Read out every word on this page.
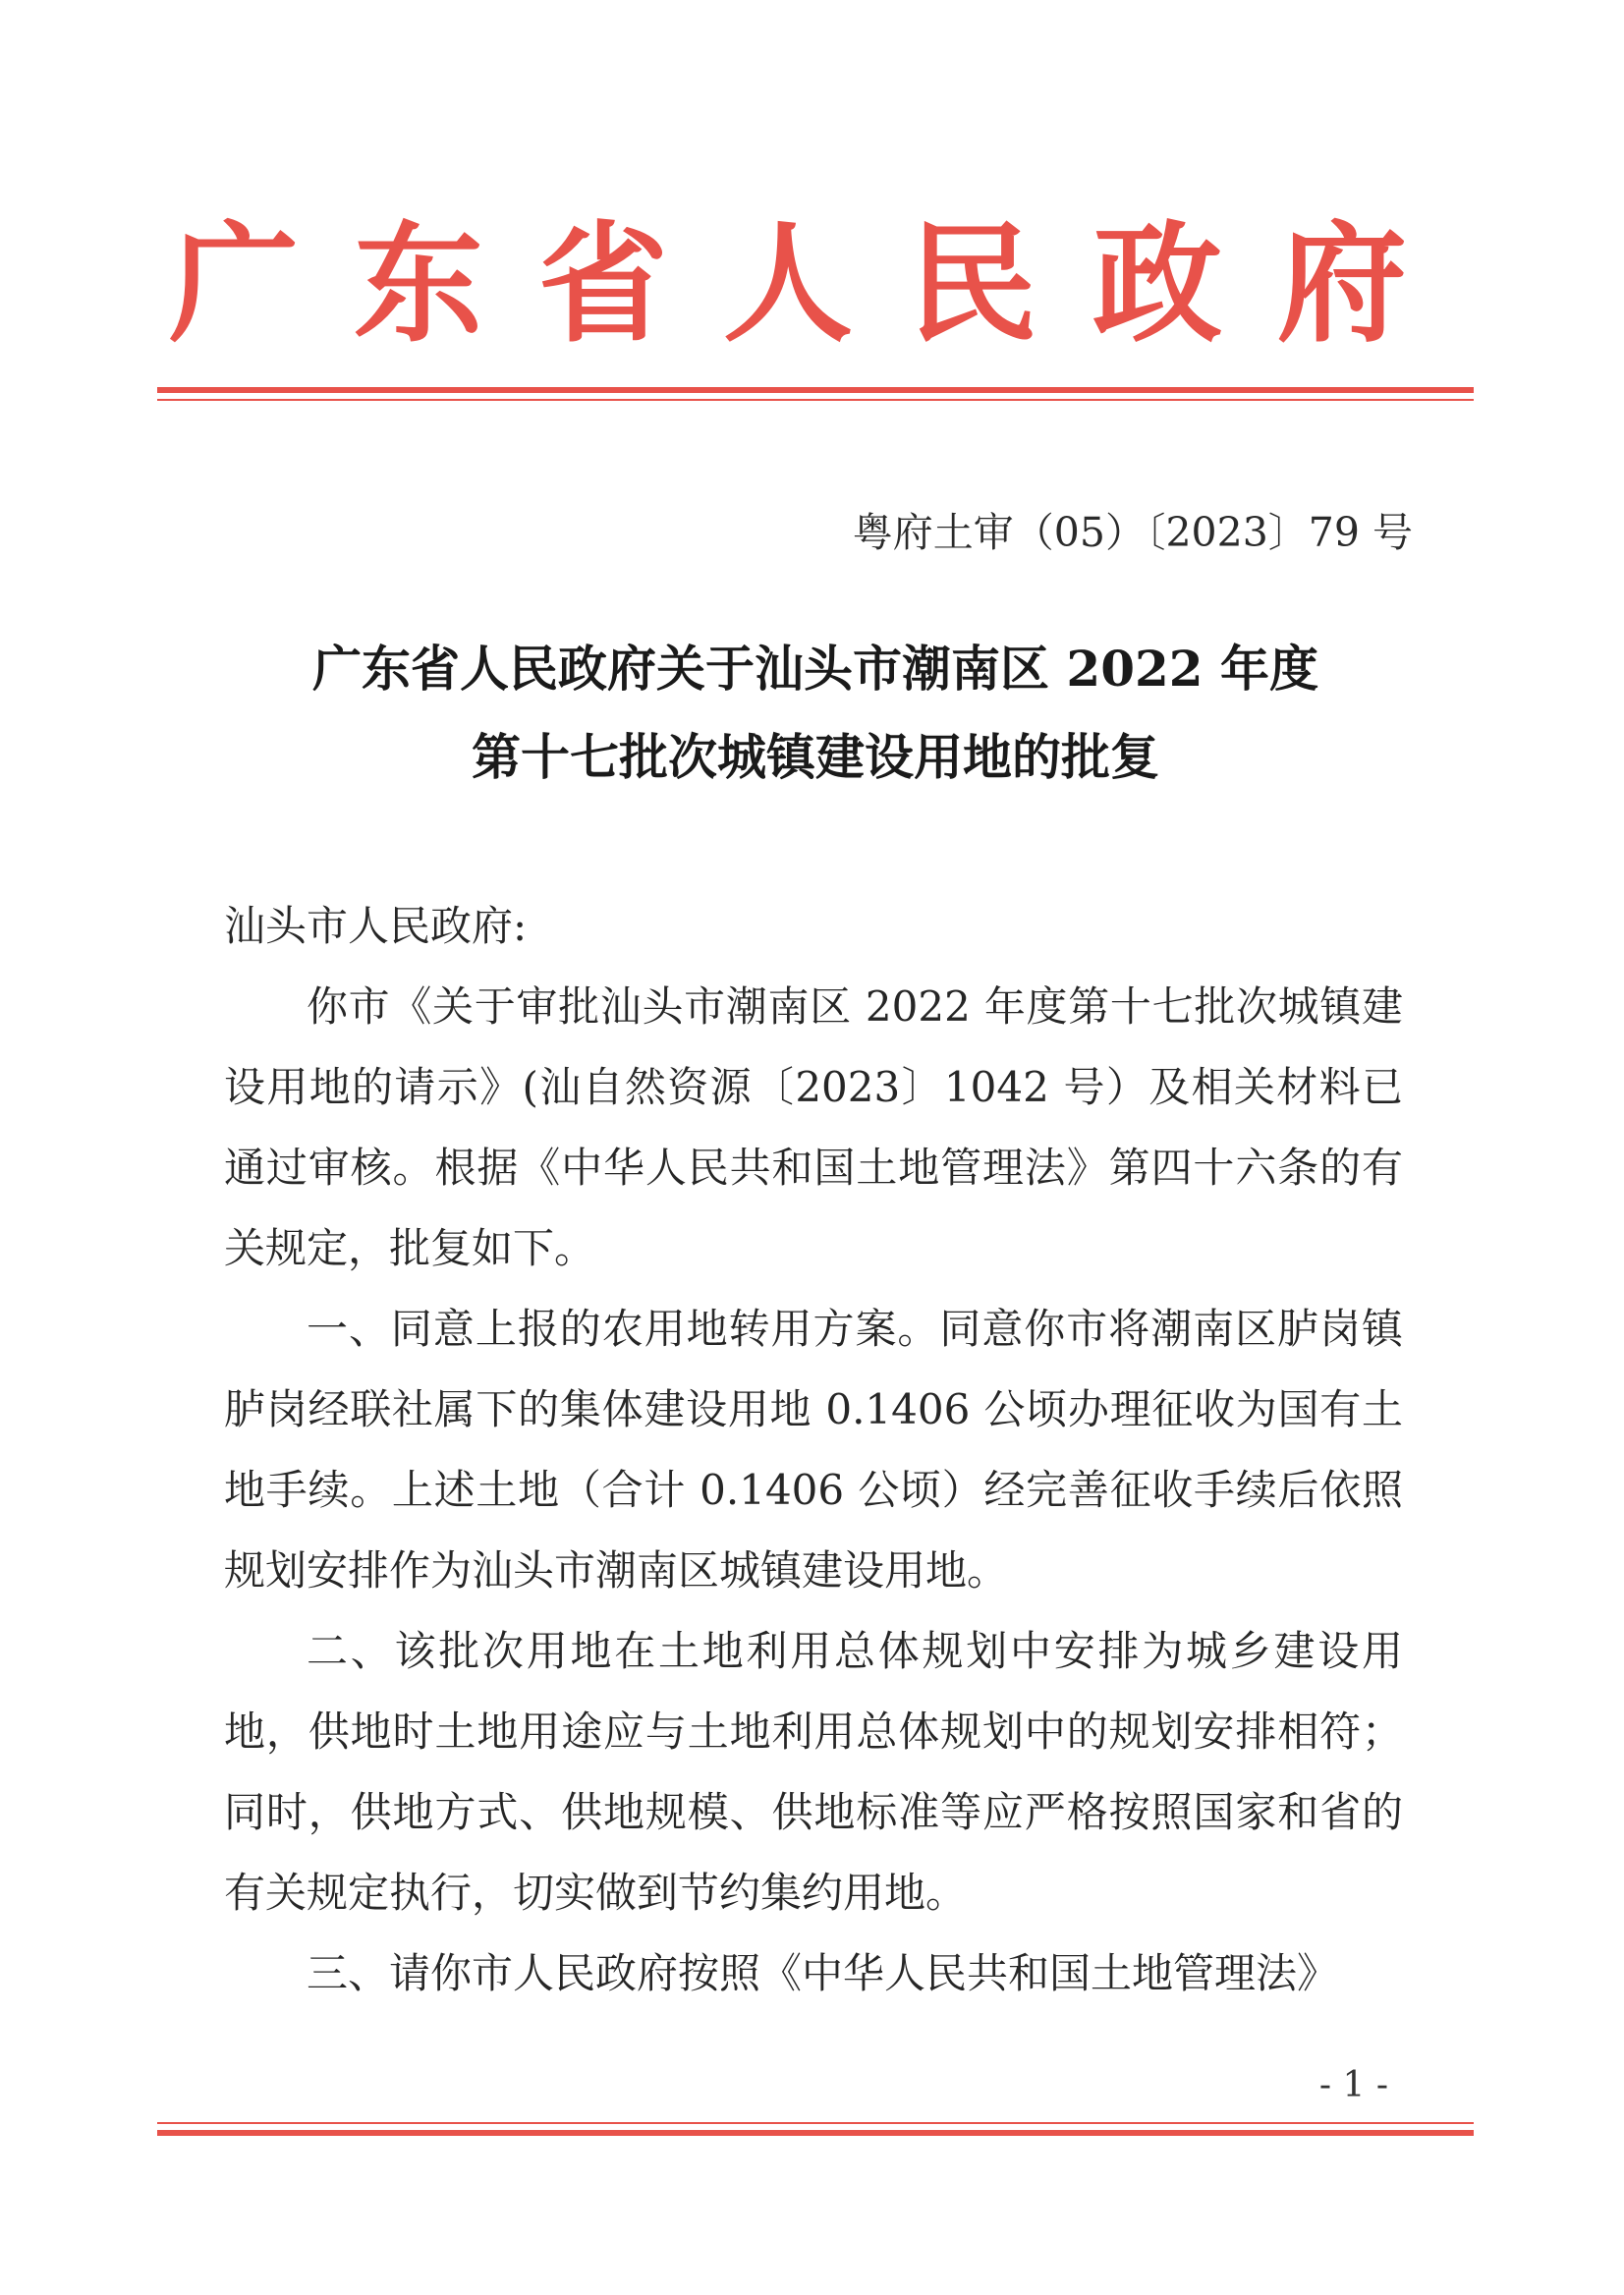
广东省人民政府
粤府土审（05）〔2023〕79 号
广东省人民政府关于汕头市潮南区 2022 年度
第十七批次城镇建设用地的批复

汕头市人民政府:

你市《关于审批汕头市潮南区 2022 年度第十七批次城镇建设用地的请示》(汕自然资源〔2023〕1042 号）及相关材料已通过审核。根据《中华人民共和国土地管理法》第四十六条的有关规定，批复如下。

一、同意上报的农用地转用方案。同意你市将潮南区胪岗镇胪岗经联社属下的集体建设用地 0.1406 公顷办理征收为国有土地手续。上述土地（合计 0.1406 公顷）经完善征收手续后依照规划安排作为汕头市潮南区城镇建设用地。

二、该批次用地在土地利用总体规划中安排为城乡建设用地，供地时土地用途应与土地利用总体规划中的规划安排相符；同时，供地方式、供地规模、供地标准等应严格按照国家和省的有关规定执行，切实做到节约集约用地。

三、请你市人民政府按照《中华人民共和国土地管理法》

- 1 -
